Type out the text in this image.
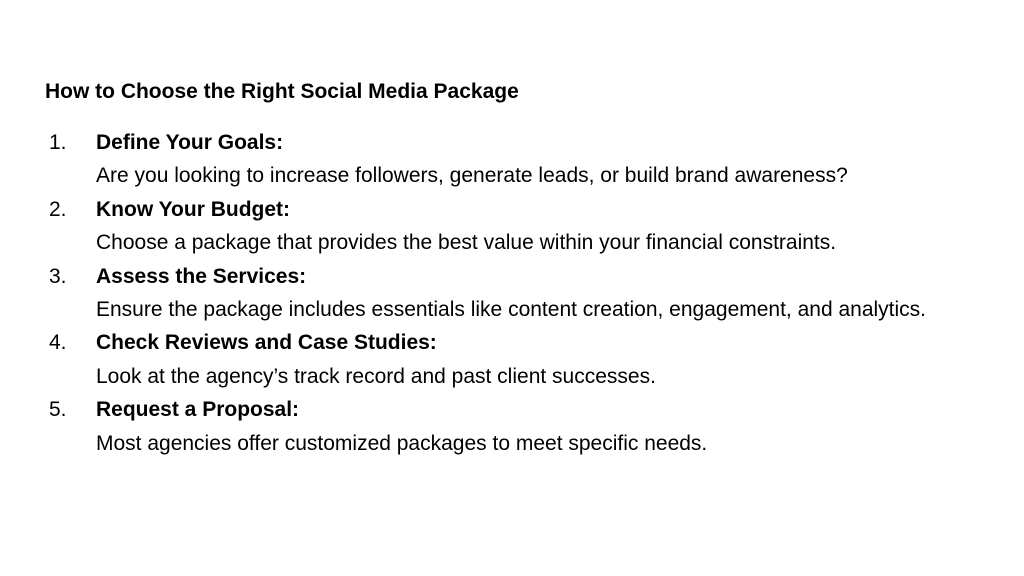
How to Choose the Right Social Media Package
1.	Define Your Goals:
Are you looking to increase followers, generate leads, or build brand awareness?
2.	Know Your Budget:
Choose a package that provides the best value within your financial constraints.
3.	Assess the Services:
Ensure the package includes essentials like content creation, engagement, and analytics.
4.	Check Reviews and Case Studies:
Look at the agency’s track record and past client successes.
5.	Request a Proposal:
Most agencies offer customized packages to meet specific needs.
